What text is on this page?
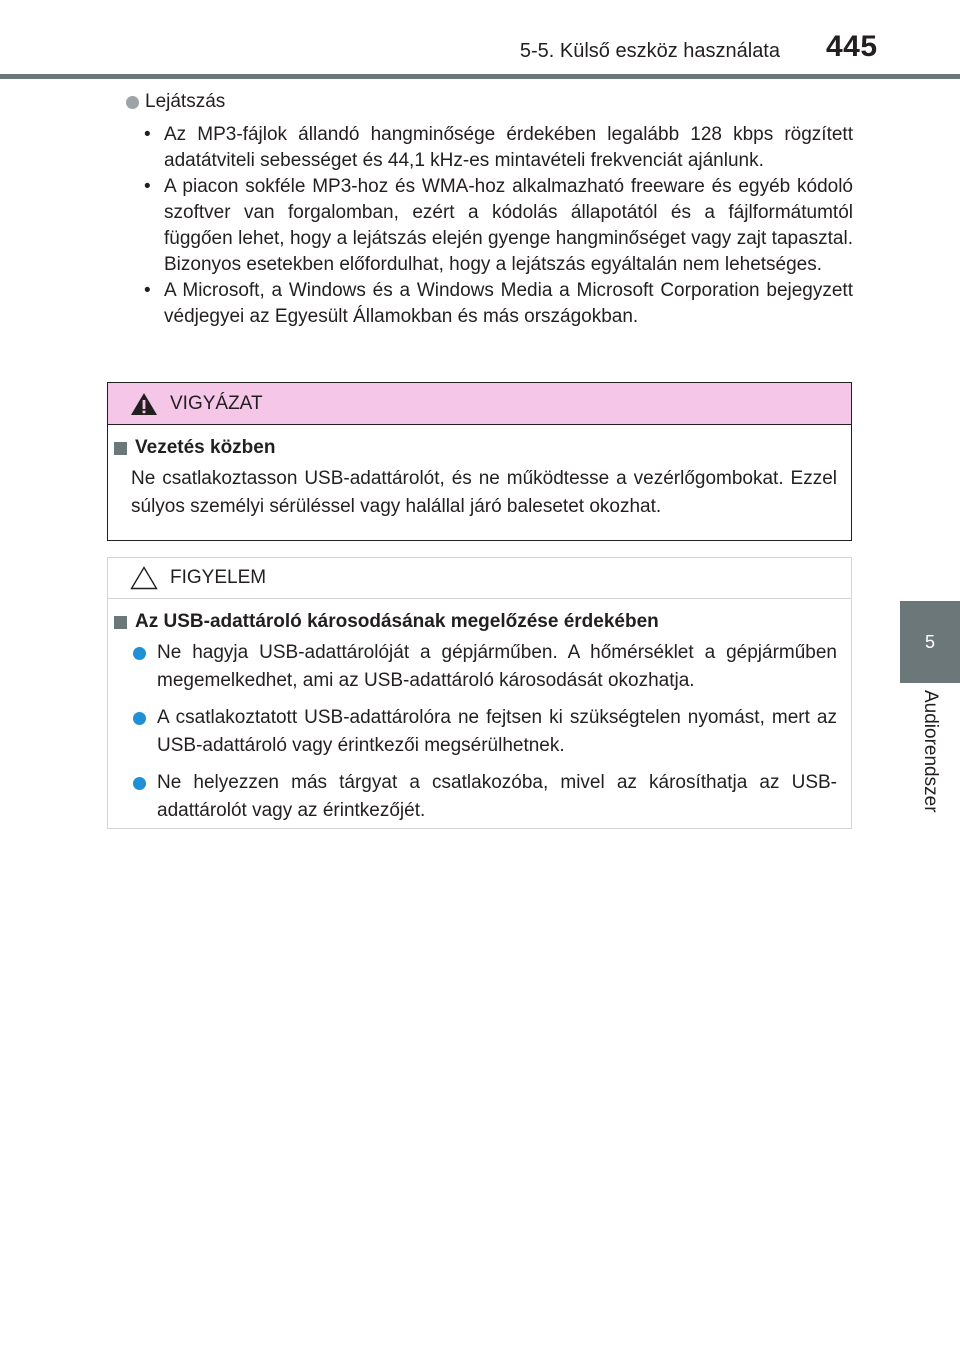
5-5. Külső eszköz használata 445
5
Audiorendszer
Lejátszás
• Az MP3-fájlok állandó hangminősége érdekében legalább 128 kbps rögzített adatátviteli sebességet és 44,1 kHz-es mintavételi frekvenciát ajánlunk.
• A piacon sokféle MP3-hoz és WMA-hoz alkalmazható freeware és egyéb kódoló szoftver van forgalomban, ezért a kódolás állapotától és a fájlformátumtól függően lehet, hogy a lejátszás elején gyenge hangminőséget vagy zajt tapasztal. Bizonyos esetekben előfordulhat, hogy a lejátszás egyáltalán nem lehetséges.
• A Microsoft, a Windows és a Windows Media a Microsoft Corporation bejegyzett védjegyei az Egyesült Államokban és más országokban.
VIGYÁZAT
Vezetés közben
Ne csatlakoztasson USB-adattárolót, és ne működtesse a vezérlőgombokat. Ezzel súlyos személyi sérüléssel vagy halállal járó balesetet okozhat.
FIGYELEM
Az USB-adattároló károsodásának megelőzése érdekében
Ne hagyja USB-adattárolóját a gépjárműben. A hőmérséklet a gépjárműben megemelkedhet, ami az USB-adattároló károsodását okozhatja.
A csatlakoztatott USB-adattárolóra ne fejtsen ki szükségtelen nyomást, mert az USB-adattároló vagy érintkezői megsérülhetnek.
Ne helyezzen más tárgyat a csatlakozóba, mivel az károsíthatja az USB-adattárolót vagy az érintkezőjét.
